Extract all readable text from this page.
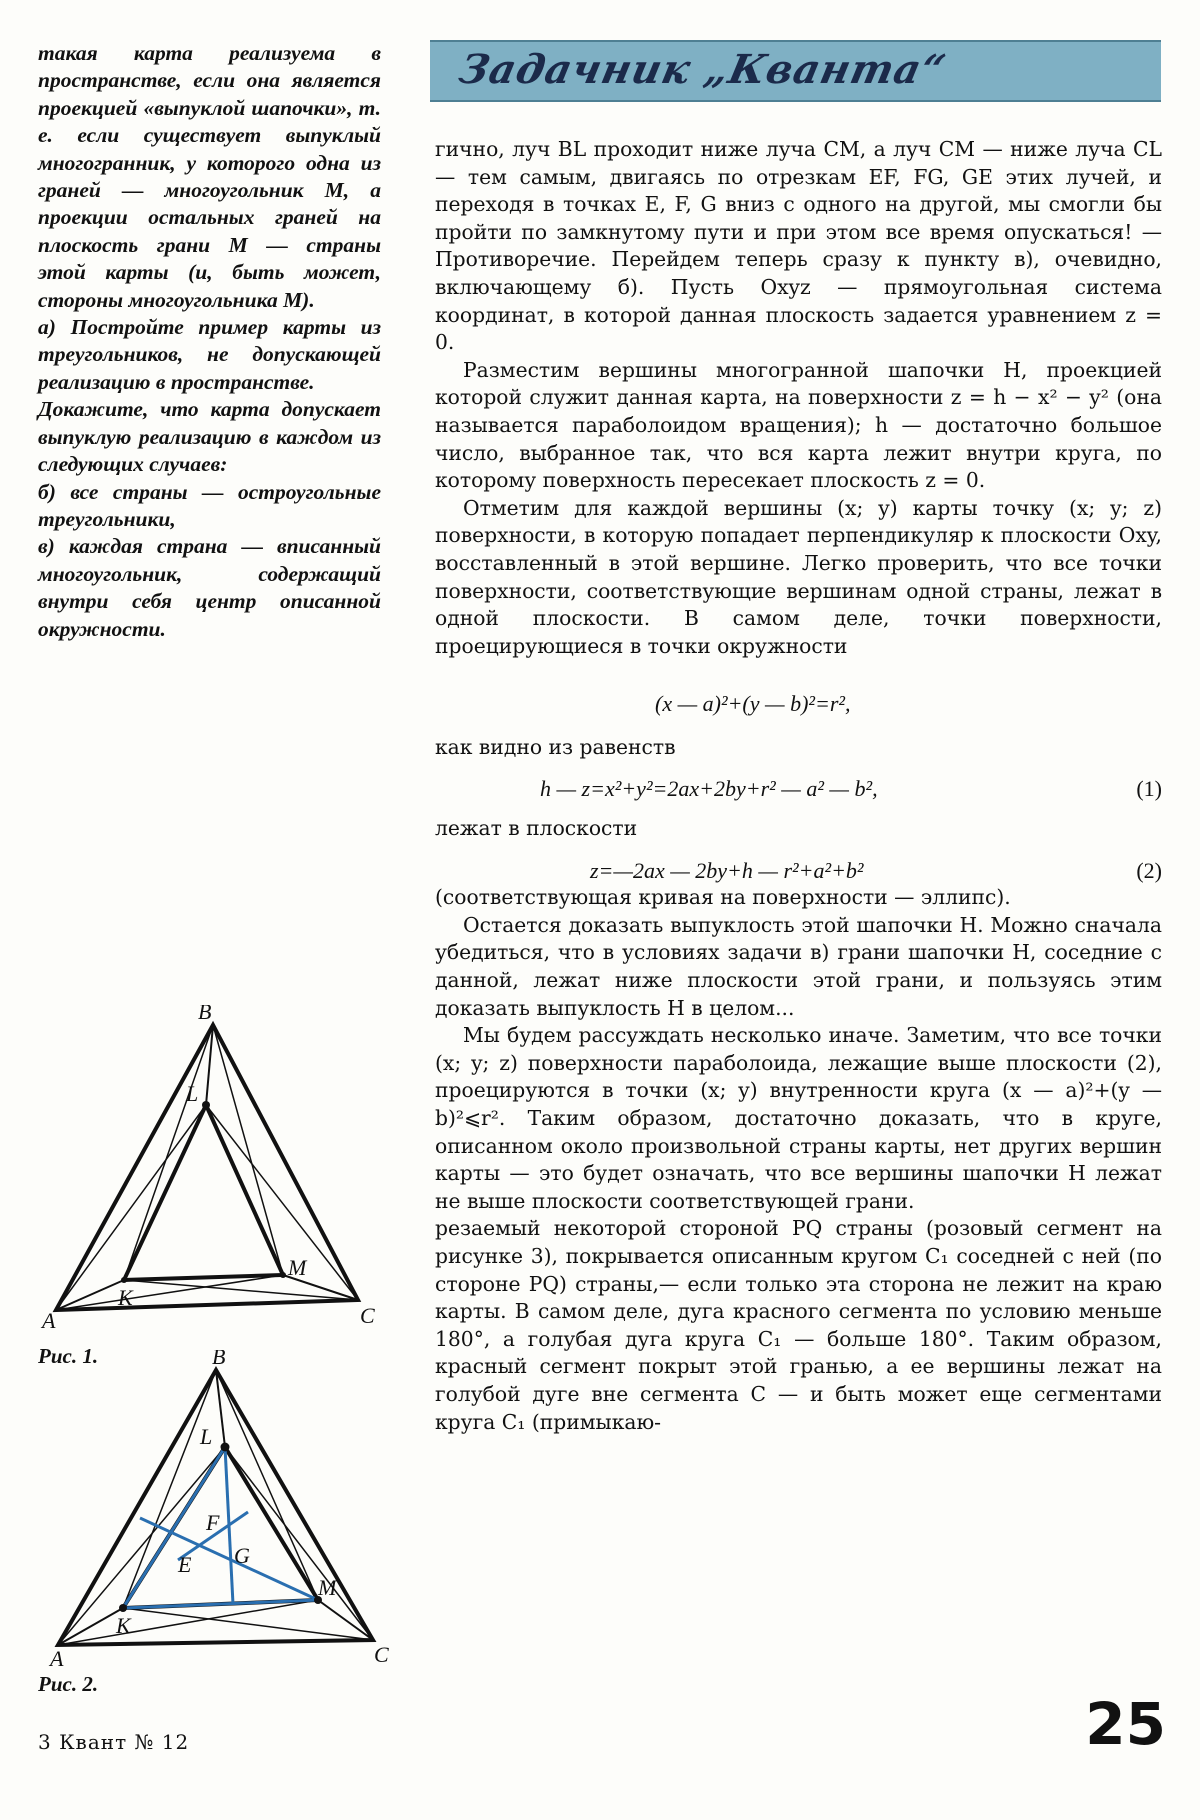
Задачник „Кванта“

такая карта реализуема в пространстве, если она является проекцией «выпуклой шапочки», т. е. если существует выпуклый многогранник, у которого одна из граней — многоугольник M, а проекции остальных граней на плоскость грани M — страны этой карты (и, быть может, стороны многоугольника M).

а) Постройте пример карты из треугольников, не допускающей реализацию в пространстве.

Докажите, что карта допускает выпуклую реализацию в каждом из следующих случаев:

б) все страны — остроугольные треугольники,

в) каждая страна — вписанный многоугольник, содержащий внутри себя центр описанной окружности.

B
L
K
M
A	C
Рис. 1.	B
L
F
E G
K
M
A	C
Рис. 2.

гично, луч BL проходит ниже луча CM, а луч CM — ниже луча CL — тем самым, двигаясь по отрезкам EF, FG, GE этих лучей, и переходя в точках E, F, G вниз с одного на другой, мы смогли бы пройти по замкнутому пути и при этом все время опускаться! — Противоречие. Перейдем теперь сразу к пункту в), очевидно, включающему б). Пусть Oxyz — прямоугольная система координат, в которой данная плоскость задается уравнением z = 0.

Разместим вершины многогранной шапочки H, проекцией которой служит данная карта, на поверхности z = h − x² − y² (она называется параболоидом вращения); h — достаточно большое число, выбранное так, что вся карта лежит внутри круга, по которому поверхность пересекает плоскость z = 0.

Отметим для каждой вершины (x; y) карты точку (x; y; z) поверхности, в которую попадает перпендикуляр к плоскости Oxy, восставленный в этой вершине. Легко проверить, что все точки поверхности, соответствующие вершинам одной страны, лежат в одной плоскости. В самом деле, точки поверхности, проецирующиеся в точки окружности

(x — a)²+(y — b)²=r²,

как видно из равенств

h — z=x²+y²=2ax+2by+r² — a² — b²,	(1)

лежат в плоскости

z=—2ax — 2by+h — r²+a²+b²	(2)

(соответствующая кривая на поверхности — эллипс).

Остается доказать выпуклость этой шапочки H. Можно сначала убедиться, что в условиях задачи в) грани шапочки H, соседние с данной, лежат ниже плоскости этой грани, и пользуясь этим доказать выпуклость H в целом...

Мы будем рассуждать несколько иначе. Заметим, что все точки (x; y; z) поверхности параболоида, лежащие выше плоскости (2), проецируются в точки (x; y) внутренности круга (x — a)²+(y — b)²⩽r². Таким образом, достаточно доказать, что в круге, описанном около произвольной страны карты, нет других вершин карты — это будет означать, что все вершины шапочки H лежат не выше плоскости соответствующей грани.

резаемый некоторой стороной PQ страны (розовый сегмент на рисунке 3), покрывается описанным кругом C₁ соседней с ней (по стороне PQ) страны,— если только эта сторона не лежит на краю карты. В самом деле, дуга красного сегмента по условию меньше 180°, а голубая дуга круга C₁ — больше 180°. Таким образом, красный сегмент покрыт этой гранью, а ее вершины лежат на голубой дуге вне сегмента C — и быть может еще сегментами круга C₁ (примыкаю-

3 Квант № 12	25
